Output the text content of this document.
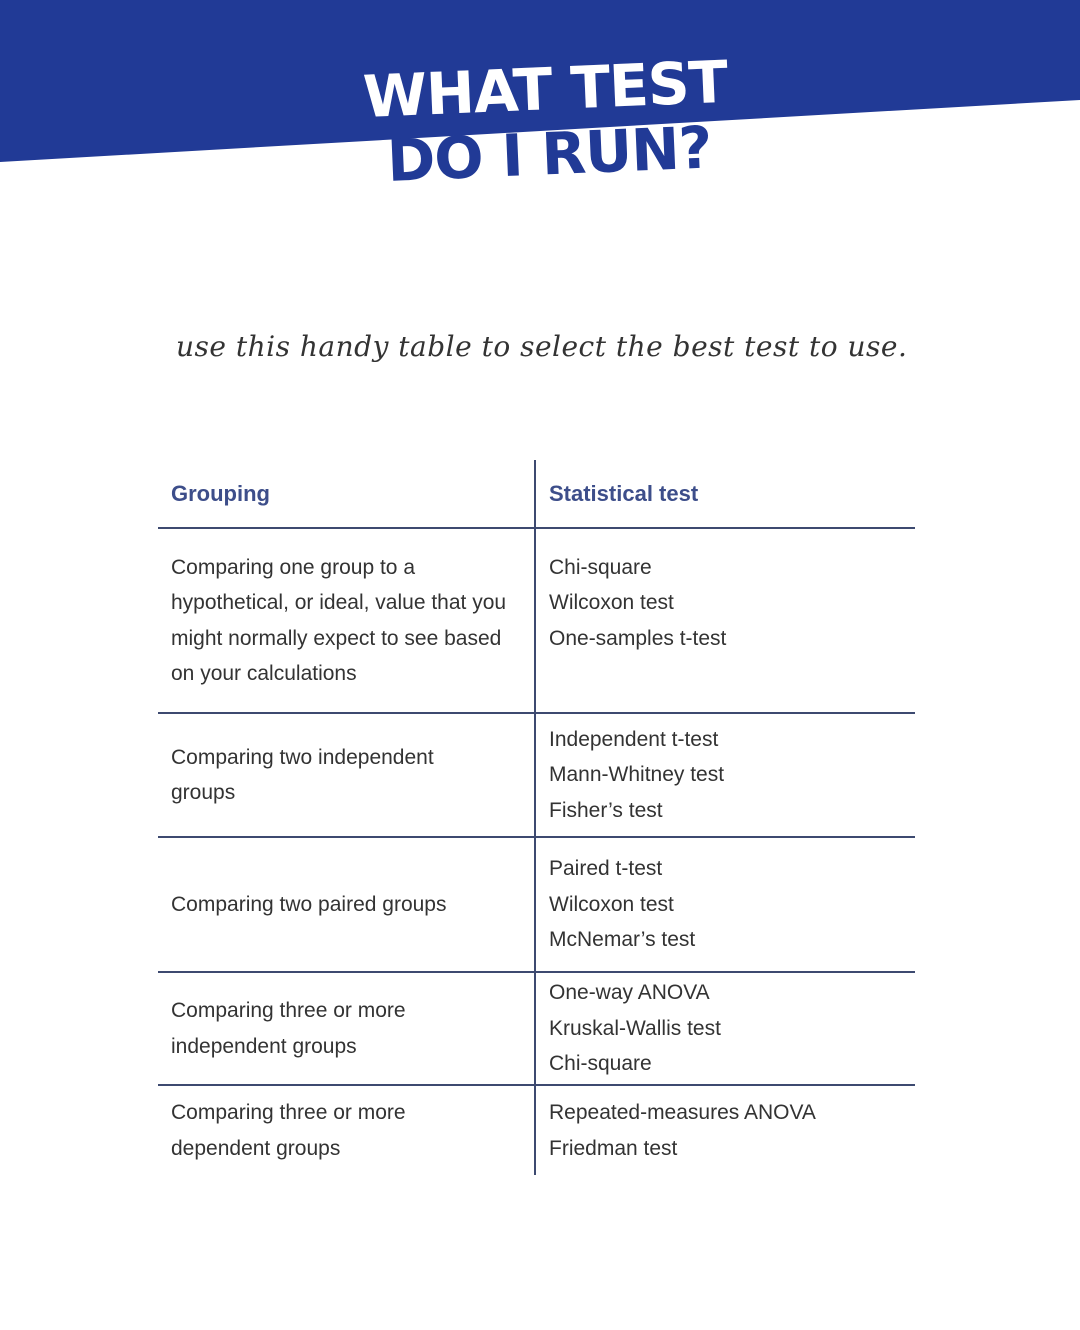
WHAT TEST
DO I RUN?

use this handy table to select the best test to use.

Grouping	Statistical test
Comparing one group to a hypothetical, or ideal, value that you might normally expect to see based on your calculations	Chi-square
Wilcoxon test
One-samples t-test

Comparing two independent groups	Independent t-test
Mann-Whitney test
Fisher’s test

Comparing two paired groups	Paired t-test
Wilcoxon test
McNemar’s test

Comparing three or more independent groups	One-way ANOVA
Kruskal-Wallis test
Chi-square

Comparing three or more dependent groups	Repeated-measures ANOVA
Friedman test
